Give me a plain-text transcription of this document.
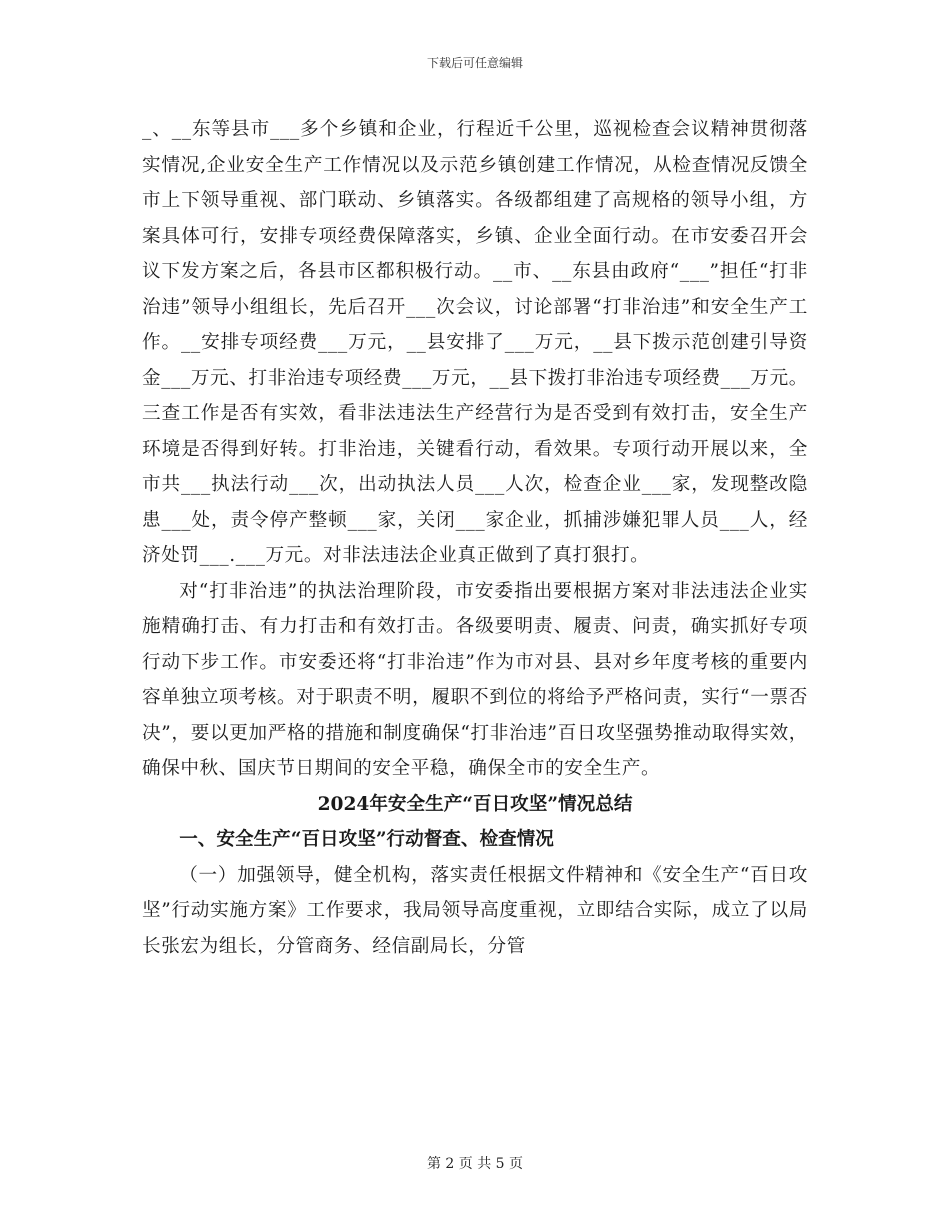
下载后可任意编辑

_、__东等县市___多个乡镇和企业，行程近千公里，巡视检查会议精神贯彻落实情况,企业安全生产工作情况以及示范乡镇创建工作情况，从检查情况反馈全市上下领导重视、部门联动、乡镇落实。各级都组建了高规格的领导小组，方案具体可行，安排专项经费保障落实，乡镇、企业全面行动。在市安委召开会议下发方案之后，各县市区都积极行动。__市、__东县由政府“___”担任“打非治违”领导小组组长，先后召开___次会议，讨论部署“打非治违”和安全生产工作。__安排专项经费___万元，__县安排了___万元，__县下拨示范创建引导资金___万元、打非治违专项经费___万元，__县下拨打非治违专项经费___万元。三查工作是否有实效，看非法违法生产经营行为是否受到有效打击，安全生产环境是否得到好转。打非治违，关键看行动，看效果。专项行动开展以来，全市共___执法行动___次，出动执法人员___人次，检查企业___家，发现整改隐患___处，责令停产整顿___家，关闭___家企业，抓捕涉嫌犯罪人员___人，经济处罚___.___万元。对非法违法企业真正做到了真打狠打。

对“打非治违”的执法治理阶段，市安委指出要根据方案对非法违法企业实施精确打击、有力打击和有效打击。各级要明责、履责、问责，确实抓好专项行动下步工作。市安委还将“打非治违”作为市对县、县对乡年度考核的重要内容单独立项考核。对于职责不明，履职不到位的将给予严格问责，实行“一票否决”，要以更加严格的措施和制度确保“打非治违”百日攻坚强势推动取得实效，确保中秋、国庆节日期间的安全平稳，确保全市的安全生产。

2024年安全生产“百日攻坚”情况总结

一、安全生产“百日攻坚”行动督查、检查情况

（一）加强领导，健全机构，落实责任根据文件精神和《安全生产“百日攻坚”行动实施方案》工作要求，我局领导高度重视，立即结合实际，成立了以局长张宏为组长，分管商务、经信副局长，分管

第 2 页 共 5 页
